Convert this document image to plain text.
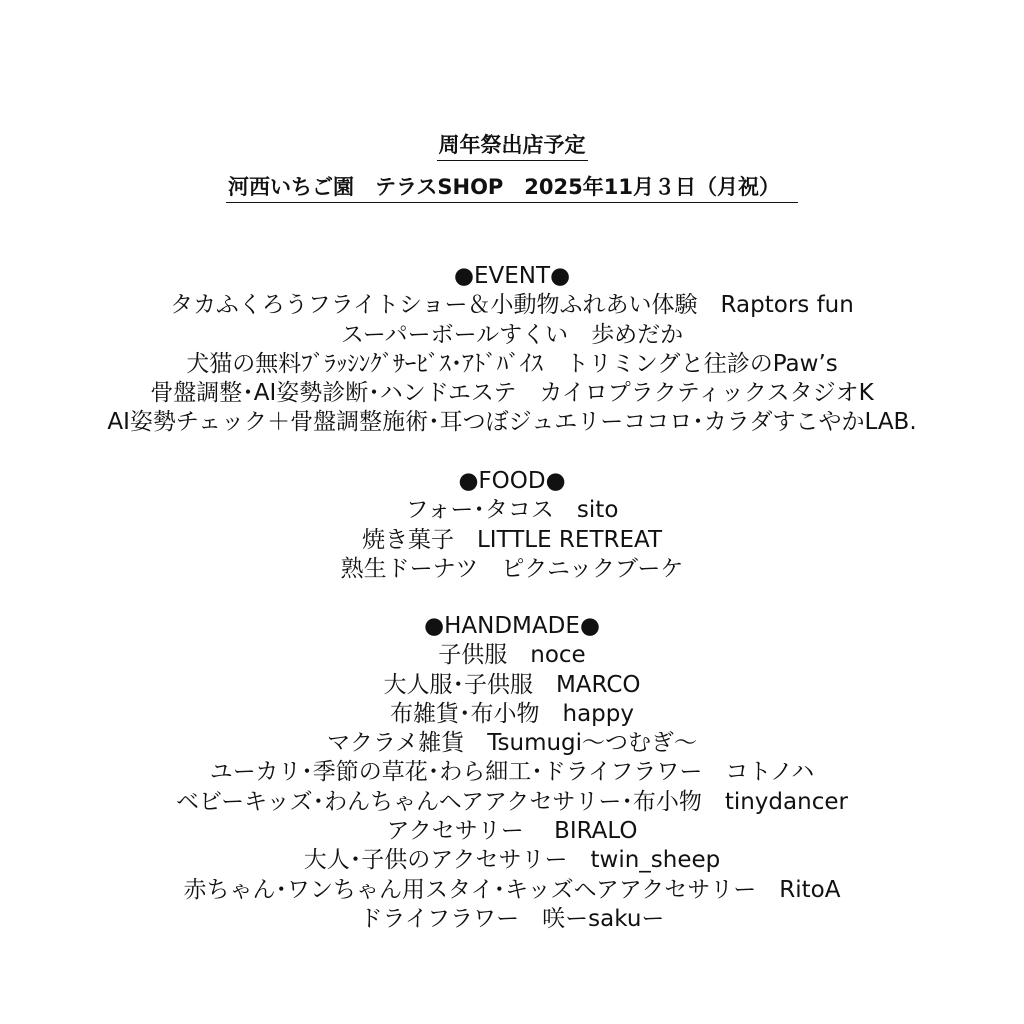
周年祭出店予定
河西いちご園　テラスSHOP　2025年11月３日（月祝）
●EVENT●
タカふくろうフライトショー＆小動物ふれあい体験　Raptors fun
スーパーボールすくい　歩めだか
犬猫の無料ﾌﾞﾗｯｼﾝｸﾞｻｰﾋﾞｽ･ｱﾄﾞﾊﾞｲｽ　トリミングと往診のPaw’s
骨盤調整･AI姿勢診断･ハンドエステ　カイロプラクティックスタジオK
AI姿勢チェック＋骨盤調整施術･耳つぼジュエリーココロ･カラダすこやかLAB.
●FOOD●
フォー･タコス　sito
焼き菓子　LITTLE RETREAT
熟生ドーナツ　ピクニックブーケ
●HANDMADE●
子供服　noce
大人服･子供服　MARCO
布雑貨･布小物　happy
マクラメ雑貨　Tsumugi～つむぎ～
ユーカリ･季節の草花･わら細工･ドライフラワー　コトノハ
ベビーキッズ･わんちゃんヘアアクセサリー･布小物　tinydancer
アクセサリー　 BIRALO
大人･子供のアクセサリー　twin_sheep
赤ちゃん･ワンちゃん用スタイ･キッズヘアアクセサリー　RitoA
ドライフラワー　咲ーsakuー
